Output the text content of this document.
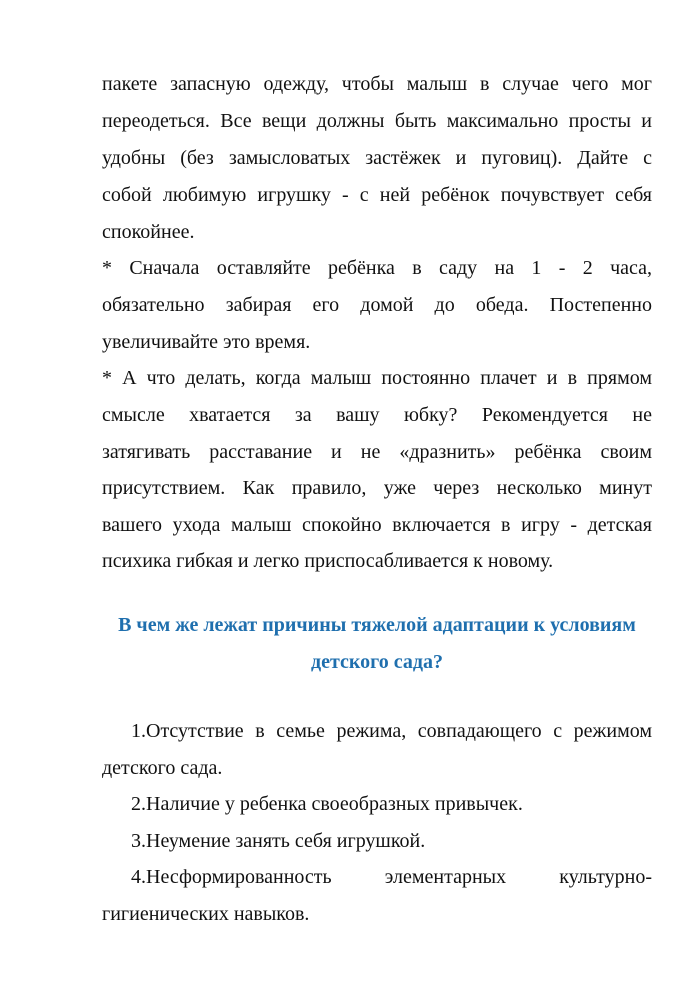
пакете запасную одежду, чтобы малыш в случае чего мог
переодеться. Все вещи должны быть максимально просты и
удобны (без замысловатых застёжек и пуговиц). Дайте с
собой любимую игрушку - с ней ребёнок почувствует себя
спокойнее.
* Сначала оставляйте ребёнка в саду на 1 - 2 часа,
обязательно забирая его домой до обеда. Постепенно
увеличивайте это время.
* А что делать, когда малыш постоянно плачет и в прямом
смысле хватается за вашу юбку? Рекомендуется не
затягивать расставание и не «дразнить» ребёнка своим
присутствием. Как правило, уже через несколько минут
вашего ухода малыш спокойно включается в игру - детская
психика гибкая и легко приспосабливается к новому.
В чем же лежат причины тяжелой адаптации к условиям
детского сада?
1.Отсутствие в семье режима, совпадающего с режимом
детского сада.
2.Наличие у ребенка своеобразных привычек.
3.Неумение занять себя игрушкой.
4.Несформированность элементарных культурно-
гигиенических навыков.
